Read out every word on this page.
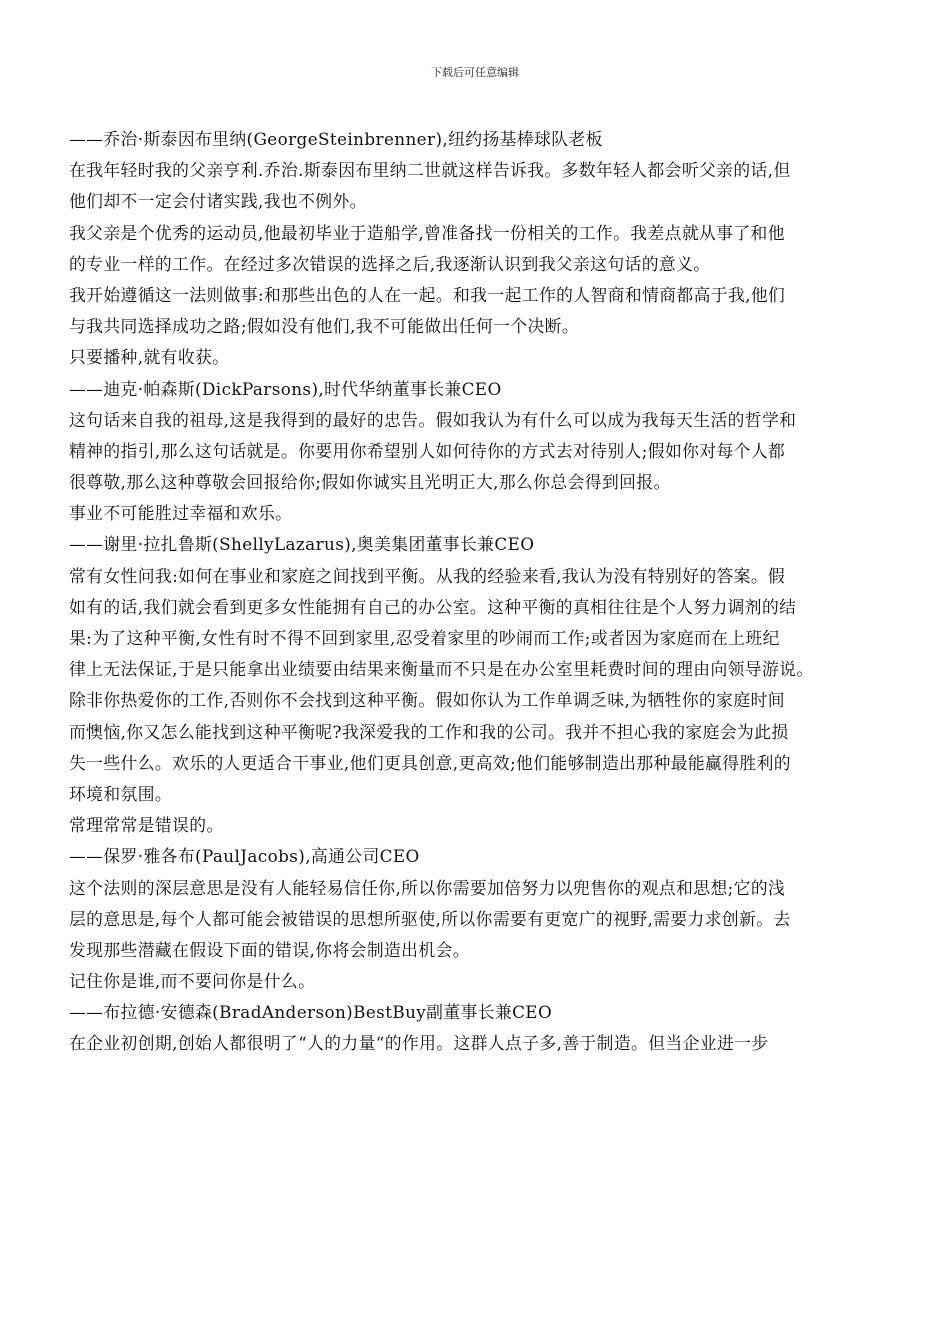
下载后可任意编辑
——乔治·斯泰因布里纳(GeorgeSteinbrenner),纽约扬基棒球队老板
在我年轻时我的父亲亨利.乔治.斯泰因布里纳二世就这样告诉我。多数年轻人都会听父亲的话,但
他们却不一定会付诸实践,我也不例外。
我父亲是个优秀的运动员,他最初毕业于造船学,曾准备找一份相关的工作。我差点就从事了和他
的专业一样的工作。在经过多次错误的选择之后,我逐渐认识到我父亲这句话的意义。
我开始遵循这一法则做事:和那些出色的人在一起。和我一起工作的人智商和情商都高于我,他们
与我共同选择成功之路;假如没有他们,我不可能做出任何一个决断。
只要播种,就有收获。
——迪克·帕森斯(DickParsons),时代华纳董事长兼CEO
这句话来自我的祖母,这是我得到的最好的忠告。假如我认为有什么可以成为我每天生活的哲学和
精神的指引,那么这句话就是。你要用你希望别人如何待你的方式去对待别人;假如你对每个人都
很尊敬,那么这种尊敬会回报给你;假如你诚实且光明正大,那么你总会得到回报。
事业不可能胜过幸福和欢乐。
——谢里·拉扎鲁斯(ShellyLazarus),奥美集团董事长兼CEO
常有女性问我:如何在事业和家庭之间找到平衡。从我的经验来看,我认为没有特别好的答案。假
如有的话,我们就会看到更多女性能拥有自己的办公室。这种平衡的真相往往是个人努力调剂的结
果:为了这种平衡,女性有时不得不回到家里,忍受着家里的吵闹而工作;或者因为家庭而在上班纪
律上无法保证,于是只能拿出业绩要由结果来衡量而不只是在办公室里耗费时间的理由向领导游说。
除非你热爱你的工作,否则你不会找到这种平衡。假如你认为工作单调乏味,为牺牲你的家庭时间
而懊恼,你又怎么能找到这种平衡呢?我深爱我的工作和我的公司。我并不担心我的家庭会为此损
失一些什么。欢乐的人更适合干事业,他们更具创意,更高效;他们能够制造出那种最能赢得胜利的
环境和氛围。
常理常常是错误的。
——保罗·雅各布(PaulJacobs),高通公司CEO
这个法则的深层意思是没有人能轻易信任你,所以你需要加倍努力以兜售你的观点和思想;它的浅
层的意思是,每个人都可能会被错误的思想所驱使,所以你需要有更宽广的视野,需要力求创新。去
发现那些潜藏在假设下面的错误,你将会制造出机会。
记住你是谁,而不要问你是什么。
——布拉德·安德森(BradAnderson)BestBuy副董事长兼CEO
在企业初创期,创始人都很明了“人的力量“的作用。这群人点子多,善于制造。但当企业进一步
